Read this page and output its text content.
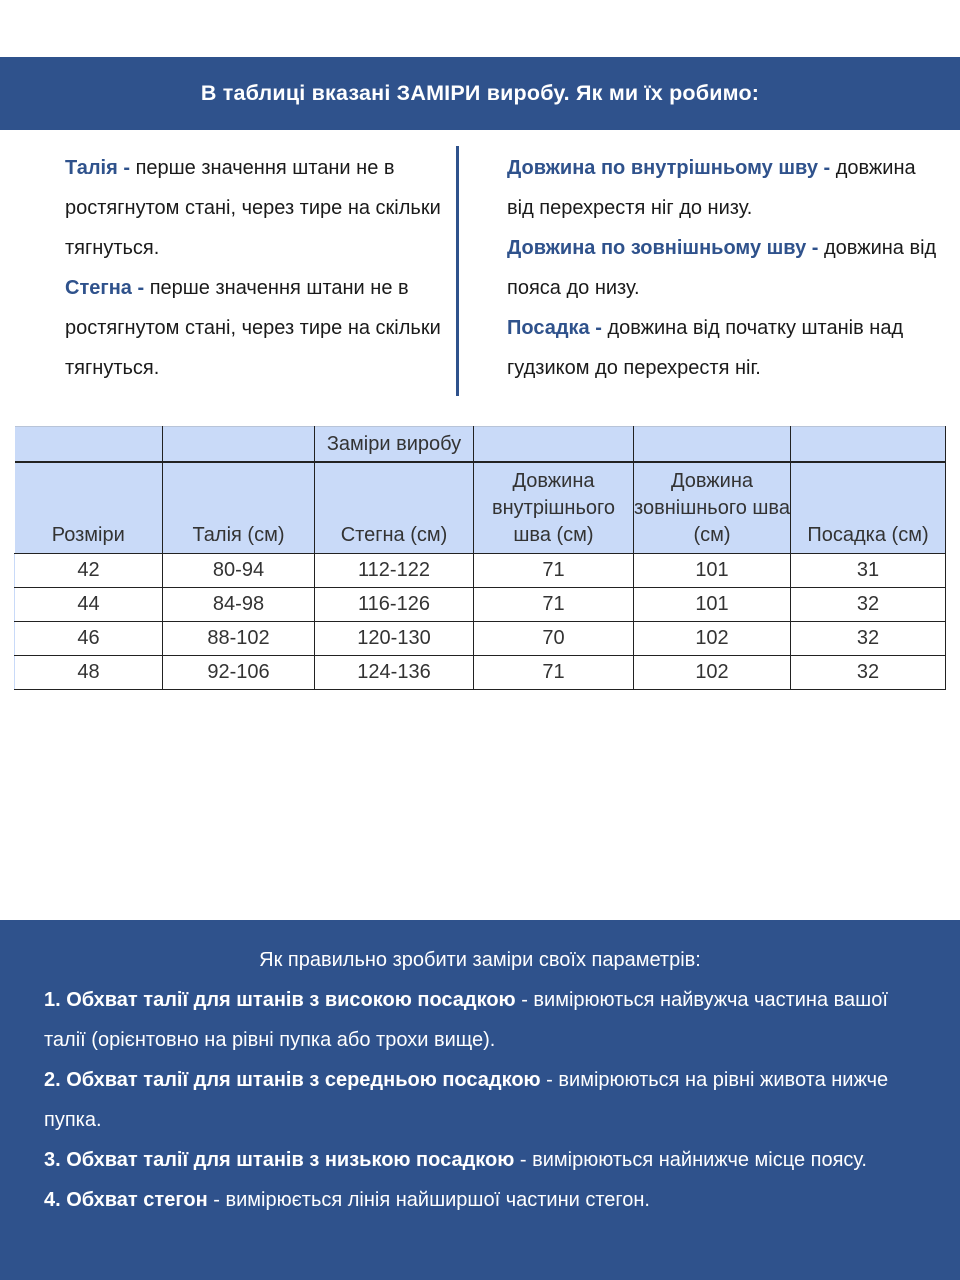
В таблиці вказані ЗАМІРИ виробу. Як ми їх робимо:

Талія - перше значення штани не в ростягнутом стані, через тире на скільки тягнуться.

Стегна - перше значення штани не в ростягнутом стані, через тире на скільки тягнуться.

Довжина по внутрішньому шву - довжина від перехрестя ніг до низу.

Довжина по зовнішньому шву - довжина від пояса до низу.

Посадка - довжина від початку штанів над гудзиком до перехрестя ніг.

		Заміри виробу			
Розміри	Талія (см)	Стегна (см)	Довжина внутрішнього шва (см)	Довжина зовнішнього шва (см)	Посадка (см)
42	80-94	112-122	71	101	31
44	84-98	116-126	71	101	32
46	88-102	120-130	70	102	32
48	92-106	124-136	71	102	32
Як правильно зробити заміри своїх параметрів:

1. Обхват талії для штанів з високою посадкою - вимірюються найвужча частина вашої талії (орієнтовно на рівні пупка або трохи вище).

2. Обхват талії для штанів з середньою посадкою - вимірюються на рівні живота нижче пупка.

3. Обхват талії для штанів з низькою посадкою - вимірюються найнижче місце поясу.

4. Обхват стегон - вимірюється лінія найширшої частини стегон.
